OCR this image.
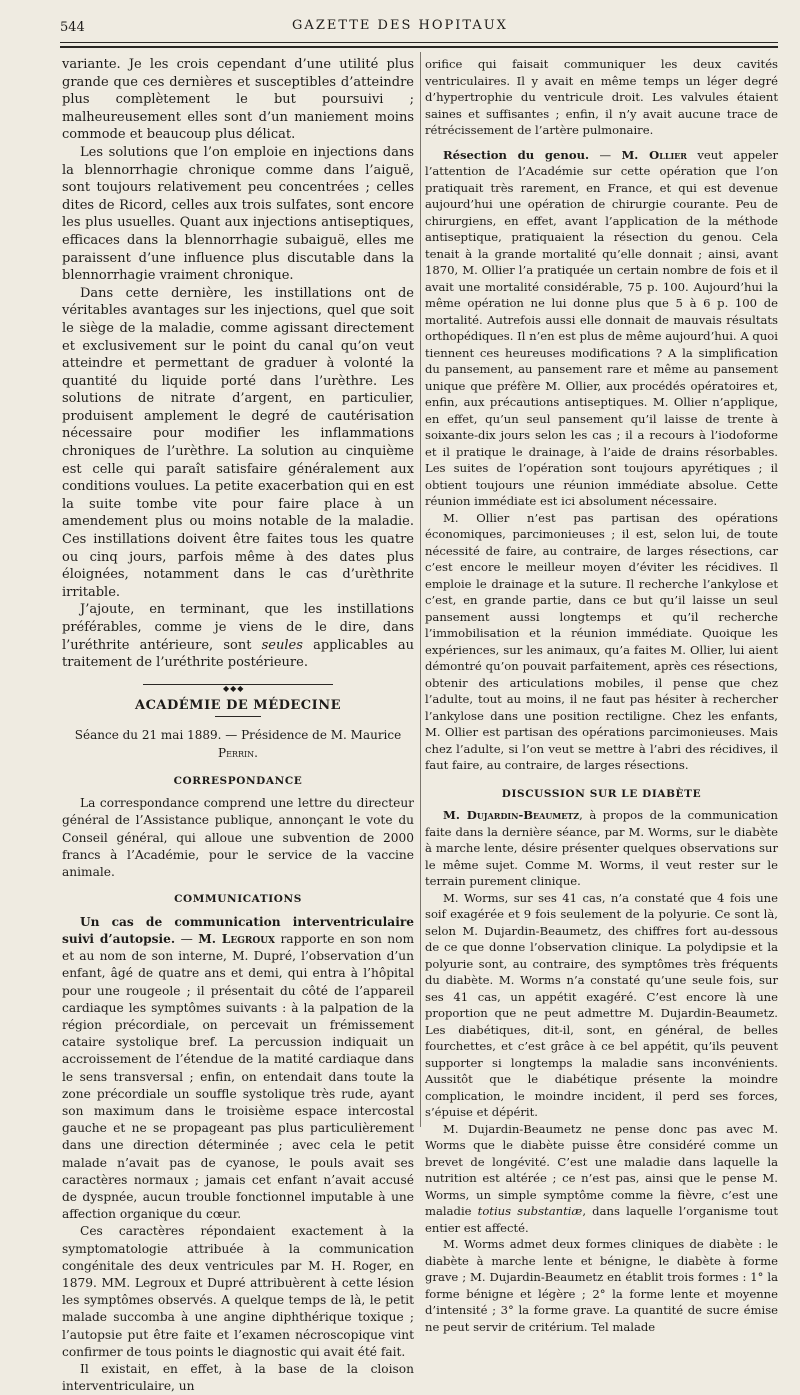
544	GAZETTE DES HOPITAUX

variante. Je les crois cependant d’une utilité plus grande que ces dernières et susceptibles d’atteindre plus complètement le but poursuivi ; malheureusement elles sont d’un maniement moins commode et beaucoup plus délicat.

Les solutions que l’on emploie en injections dans la blennorrhagie chronique comme dans l’aiguë, sont toujours relativement peu concentrées ; celles dites de Ricord, celles aux trois sulfates, sont encore les plus usuelles. Quant aux injections antiseptiques, efficaces dans la blennorrhagie subaiguë, elles me paraissent d’une influence plus discutable dans la blennorrhagie vraiment chronique.

Dans cette dernière, les instillations ont de véritables avantages sur les injections, quel que soit le siège de la maladie, comme agissant directement et exclusivement sur le point du canal qu’on veut atteindre et permettant de graduer à volonté la quantité du liquide porté dans l’urèthre. Les solutions de nitrate d’argent, en particulier, produisent amplement le degré de cautérisation nécessaire pour modifier les inflammations chroniques de l’urèthre. La solution au cinquième est celle qui paraît satisfaire généralement aux conditions voulues. La petite exacerbation qui en est la suite tombe vite pour faire place à un amendement plus ou moins notable de la maladie. Ces instillations doivent être faites tous les quatre ou cinq jours, parfois même à des dates plus éloignées, notamment dans le cas d’urèthrite irritable.

J’ajoute, en terminant, que les instillations préférables, comme je viens de le dire, dans l’uréthrite antérieure, sont seules applicables au traitement de l’uréthrite postérieure.

◆◆◆
ACADÉMIE DE MÉDECINE
Séance du 21 mai 1889. — Présidence de M. Maurice Perrin.
CORRESPONDANCE

La correspondance comprend une lettre du directeur général de l’Assistance publique, annonçant le vote du Conseil général, qui alloue une subvention de 2000 francs à l’Académie, pour le service de la vaccine animale.

COMMUNICATIONS

Un cas de communication interventriculaire suivi d’autopsie. — M. Legroux rapporte en son nom et au nom de son interne, M. Dupré, l’observation d’un enfant, âgé de quatre ans et demi, qui entra à l’hôpital pour une rougeole ; il présentait du côté de l’appareil cardiaque les symptômes suivants : à la palpation de la région précordiale, on percevait un frémissement cataire systolique bref. La percussion indiquait un accroissement de l’étendue de la matité cardiaque dans le sens transversal ; enfin, on entendait dans toute la zone précordiale un souffle systolique très rude, ayant son maximum dans le troisième espace intercostal gauche et ne se propageant pas plus particulièrement dans une direction déterminée ; avec cela le petit malade n’avait pas de cyanose, le pouls avait ses caractères normaux ; jamais cet enfant n’avait accusé de dyspnée, aucun trouble fonctionnel imputable à une affection organique du cœur.

Ces caractères répondaient exactement à la symptomatologie attribuée à la communication congénitale des deux ventricules par M. H. Roger, en 1879. MM. Legroux et Dupré attribuèrent à cette lésion les symptômes observés. A quelque temps de là, le petit malade succomba à une angine diphthérique toxique ; l’autopsie put être faite et l’examen nécroscopique vint confirmer de tous points le diagnostic qui avait été fait.

Il existait, en effet, à la base de la cloison interventriculaire, un

orifice qui faisait communiquer les deux cavités ventriculaires. Il y avait en même temps un léger degré d’hypertrophie du ventricule droit. Les valvules étaient saines et suffisantes ; enfin, il n’y avait aucune trace de rétrécissement de l’artère pulmonaire.

Résection du genou. — M. Ollier veut appeler l’attention de l’Académie sur cette opération que l’on pratiquait très rarement, en France, et qui est devenue aujourd’hui une opération de chirurgie courante. Peu de chirurgiens, en effet, avant l’application de la méthode antiseptique, pratiquaient la résection du genou. Cela tenait à la grande mortalité qu’elle donnait ; ainsi, avant 1870, M. Ollier l’a pratiquée un certain nombre de fois et il avait une mortalité considérable, 75 p. 100. Aujourd’hui la même opération ne lui donne plus que 5 à 6 p. 100 de mortalité. Autrefois aussi elle donnait de mauvais résultats orthopédiques. Il n’en est plus de même aujourd’hui. A quoi tiennent ces heureuses modifications ? A la simplification du pansement, au pansement rare et même au pansement unique que préfère M. Ollier, aux procédés opératoires et, enfin, aux précautions antiseptiques. M. Ollier n’applique, en effet, qu’un seul pansement qu’il laisse de trente à soixante-dix jours selon les cas ; il a recours à l’iodoforme et il pratique le drainage, à l’aide de drains résorbables. Les suites de l’opération sont toujours apyrétiques ; il obtient toujours une réunion immédiate absolue. Cette réunion immédiate est ici absolument nécessaire.

M. Ollier n’est pas partisan des opérations économiques, parcimonieuses ; il est, selon lui, de toute nécessité de faire, au contraire, de larges résections, car c’est encore le meilleur moyen d’éviter les récidives. Il emploie le drainage et la suture. Il recherche l’ankylose et c’est, en grande partie, dans ce but qu’il laisse un seul pansement aussi longtemps et qu’il recherche l’immobilisation et la réunion immédiate. Quoique les expériences, sur les animaux, qu’a faites M. Ollier, lui aient démontré qu’on pouvait parfaitement, après ces résections, obtenir des articulations mobiles, il pense que chez l’adulte, tout au moins, il ne faut pas hésiter à rechercher l’ankylose dans une position rectiligne. Chez les enfants, M. Ollier est partisan des opérations parcimonieuses. Mais chez l’adulte, si l’on veut se mettre à l’abri des récidives, il faut faire, au contraire, de larges résections.

DISCUSSION SUR LE DIABÈTE

M. Dujardin-Beaumetz, à propos de la communication faite dans la dernière séance, par M. Worms, sur le diabète à marche lente, désire présenter quelques observations sur le même sujet. Comme M. Worms, il veut rester sur le terrain purement clinique.

M. Worms, sur ses 41 cas, n’a constaté que 4 fois une soif exagérée et 9 fois seulement de la polyurie. Ce sont là, selon M. Dujardin-Beaumetz, des chiffres fort au-dessous de ce que donne l’observation clinique. La polydipsie et la polyurie sont, au contraire, des symptômes très fréquents du diabète. M. Worms n’a constaté qu’une seule fois, sur ses 41 cas, un appétit exagéré. C’est encore là une proportion que ne peut admettre M. Dujardin-Beaumetz. Les diabétiques, dit-il, sont, en général, de belles fourchettes, et c’est grâce à ce bel appétit, qu’ils peuvent supporter si longtemps la maladie sans inconvénients. Aussitôt que le diabétique présente la moindre complication, le moindre incident, il perd ses forces, s’épuise et dépérit.

M. Dujardin-Beaumetz ne pense donc pas avec M. Worms que le diabète puisse être considéré comme un brevet de longévité. C’est une maladie dans laquelle la nutrition est altérée ; ce n’est pas, ainsi que le pense M. Worms, un simple symptôme comme la fièvre, c’est une maladie totius substantiæ, dans laquelle l’organisme tout entier est affecté.

M. Worms admet deux formes cliniques de diabète : le diabète à marche lente et bénigne, le diabète à forme grave ; M. Dujardin-Beaumetz en établit trois formes : 1° la forme bénigne et légère ; 2° la forme lente et moyenne d’intensité ; 3° la forme grave. La quantité de sucre émise ne peut servir de critérium. Tel malade
